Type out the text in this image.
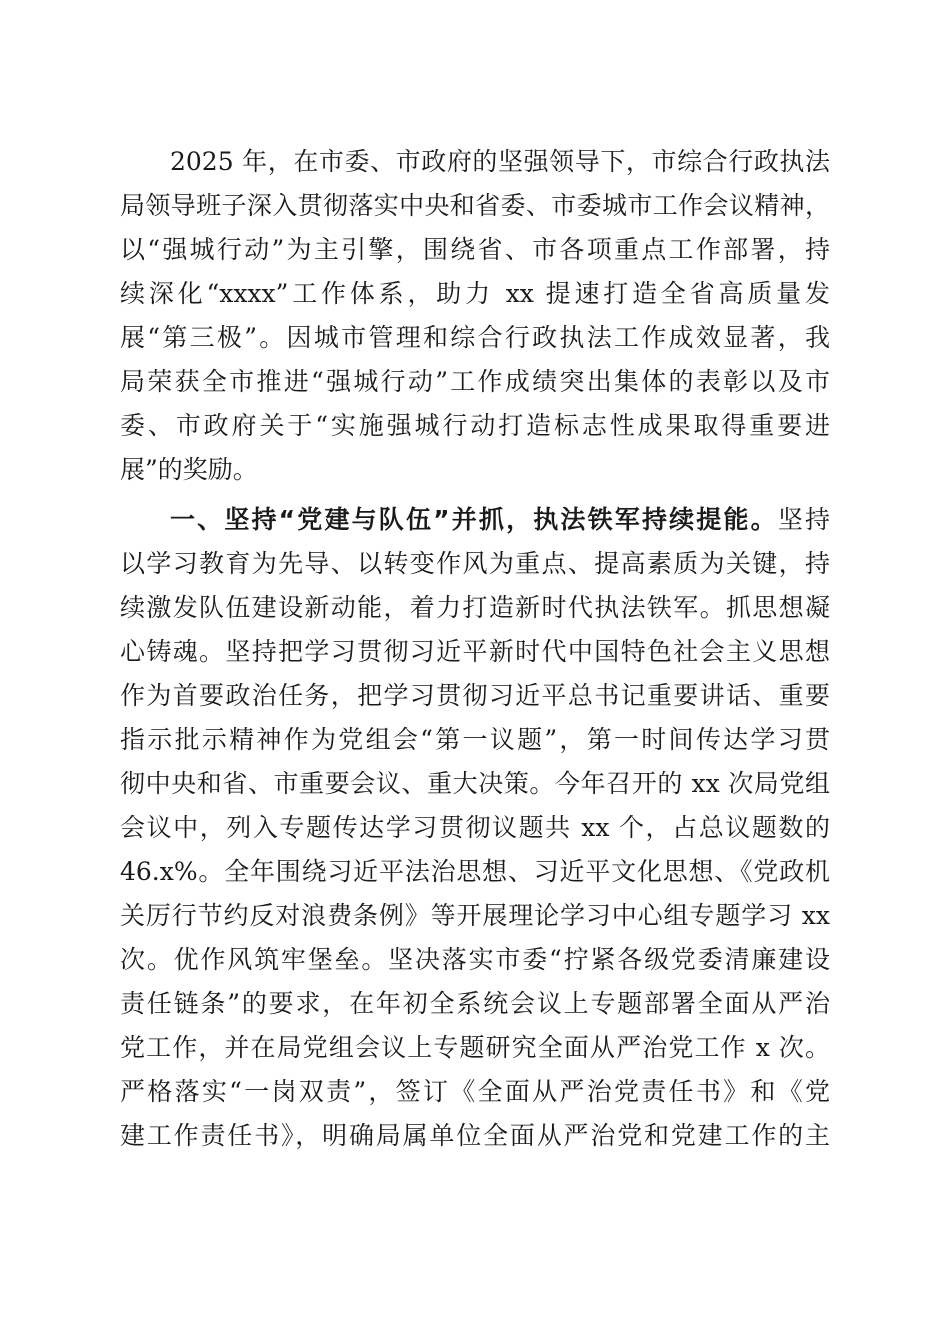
2025 年，在市委、市政府的坚强领导下，市综合行政执法
局领导班子深入贯彻落实中央和省委、市委城市工作会议精神，
以“强城行动”为主引擎，围绕省、市各项重点工作部署，持
续深化“xxxx”工作体系，助力 xx 提速打造全省高质量发
展“第三极”。因城市管理和综合行政执法工作成效显著，我
局荣获全市推进“强城行动”工作成绩突出集体的表彰以及市
委、市政府关于“实施强城行动打造标志性成果取得重要进
展”的奖励。
一、坚持“党建与队伍”并抓，执法铁军持续提能。坚持
以学习教育为先导、以转变作风为重点、提高素质为关键，持
续激发队伍建设新动能，着力打造新时代执法铁军。抓思想凝
心铸魂。坚持把学习贯彻习近平新时代中国特色社会主义思想
作为首要政治任务，把学习贯彻习近平总书记重要讲话、重要
指示批示精神作为党组会“第一议题”，第一时间传达学习贯
彻中央和省、市重要会议、重大决策。今年召开的 xx 次局党组
会议中，列入专题传达学习贯彻议题共 xx 个，占总议题数的
46.x%。全年围绕习近平法治思想、习近平文化思想、《党政机
关厉行节约反对浪费条例》等开展理论学习中心组专题学习 xx
次。优作风筑牢堡垒。坚决落实市委“拧紧各级党委清廉建设
责任链条”的要求，在年初全系统会议上专题部署全面从严治
党工作，并在局党组会议上专题研究全面从严治党工作 x 次。
严格落实“一岗双责”，签订《全面从严治党责任书》和《党
建工作责任书》，明确局属单位全面从严治党和党建工作的主
